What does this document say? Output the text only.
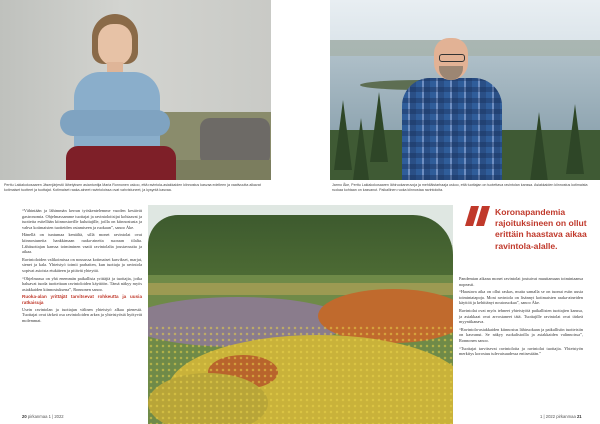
Perttu Lakiakokosaaren Jäsenjärjestö lähetyksen asiantuntija Maria Ronnonen uskoo, että ravintola-asiakkaiden kiinnostus kasvaa edelleen ja vaativuutta alkavat kotimaiset tuotteet ja tuottajat. Kotimaiset raaka-aineet ravintoloissa ovat vahvistuneet, ja kysyntä kasvaa.
Jarmo Åke, Perttu Lakiakokosaaren lähiruokaneuvoja ja mehiläistarhaaja uskoo, että tuottajan on tuotettava ravintolan kanssa. Asiakkaiden kiinnostus kotimaista ruokaa kohtaan on kasvanut. Paikallinen ruoka kiinnostaa ravintoloita.

“Vähintään ja lähimmän kerran työskentelemme vuoden kestävät gastronomia. Ohjelmassamme tuottajat ja ravintoloitsijat kohtaavat ja tuotteita esitellään kiinnostaville kuluttajille, joilla on kiinnostusta ja vahva kotimaisten tuotteiden ostamiseen ja ruokaan”, sanoo Åke.

Hänellä on tuntumaa kentältä, sillä monet ravintolat ovat kiinnostuneita hankkimaan raaka-aineita suoraan tilalta. Lähituottajan kanssa toimiminen vaatii ravintolalta joustavuutta ja aikaa.

Ravintoloiden valikoimissa on nousussa kotimaiset kasvikset, marjat, sienet ja kala. Yhteistyö toimii parhaiten, kun tuottaja ja ravintola sopivat asioista etukäteen ja pitävät yhteyttä.

“Ohjelmassa on yhä enemmän paikallisia yrittäjiä ja tuottajia, jotka haluavat tuoda tuotteitaan ravintoloiden käyttöön. Tämä näkyy myös asiakkaiden kiinnostuksena”, Ronnonen sanoo.

Ruoka-alan yrittäjät tarvitsevat rohkeutta ja uusia ratkaisuja

Usein ravintolan ja tuottajan välinen yhteistyö alkaa pienestä. Tuottajat ovat tärkeä osa ravintoloiden arkea ja yhteistyöstä hyötyvät molemmat.

Koronapandemia rajoituksineen on ollut erittäin haastava aikaa ravintola-alalle.

Pandemian aikana monet ravintolat joutuivat muuttamaan toimintaansa nopeasti.

“Haastava aika on ollut raskas, mutta samalla se on tuonut esiin uusia toimintatapoja. Moni ravintola on lisännyt kotimaisten raaka-aineiden käyttöä ja kehittänyt noutoruokaa”, sanoo Åke.

Ravintolat ovat myös tehneet yhteistyötä paikallisten tuottajien kanssa, ja asiakkaat ovat arvostaneet tätä. Tuottajille ravintolat ovat tärkeä myyntikanava.

“Ravintola-asiakkaiden kiinnostus lähiruokaan ja paikallisiin tuotteisiin on kasvanut. Se näkyy ruokalistoilla ja asiakkaiden valinnoissa”, Ronnonen sanoo.

“Tuottajat tarvitsevat ravintoloita ja ravintolat tuottajia. Yhteistyön merkitys korostuu tulevaisuudessa entisestään.”

20 pirkanmaa 1 | 2022	1 | 2022 pirkanmaa 21
